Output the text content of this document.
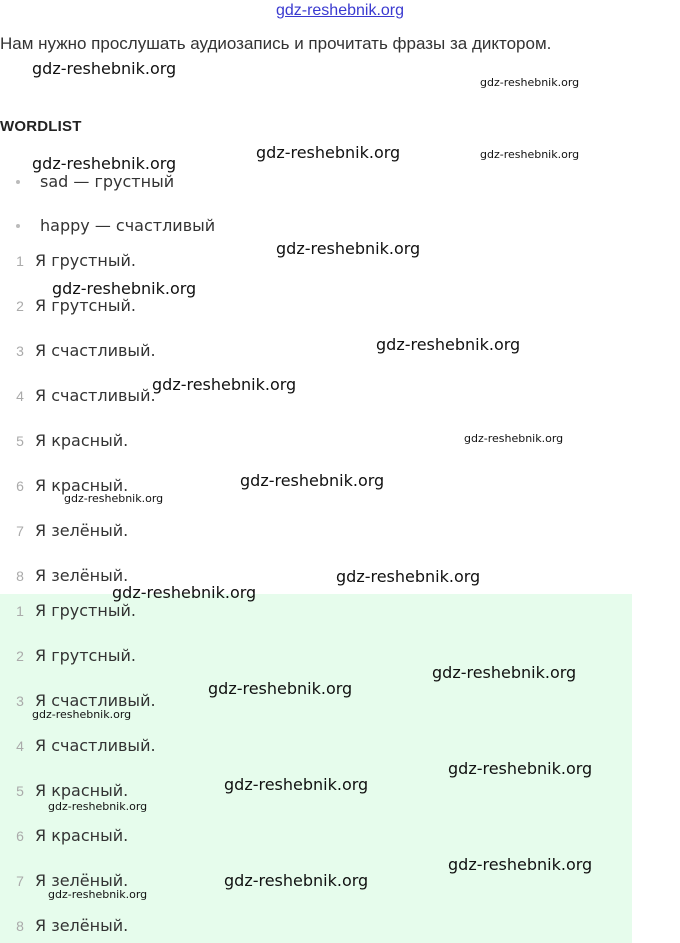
gdz-reshebnik.org
Нам нужно прослушать аудиозапись и прочитать фразы за диктором.
WORDLIST
sad — грустный
happy — счастливый
1 Я грустный.
2 Я грутсный.
3 Я счастливый.
4 Я счастливый.
5 Я красный.
6 Я красный.
7 Я зелёный.
8 Я зелёный.
1 Я грустный.
2 Я грутсный.
3 Я счастливый.
4 Я счастливый.
5 Я красный.
6 Я красный.
7 Я зелёный.
8 Я зелёный.
gdz-reshebnik.org
gdz-reshebnik.org
gdz-reshebnik.org
gdz-reshebnik.org	gdz-reshebnik.org
gdz-reshebnik.org
gdz-reshebnik.org
gdz-reshebnik.org
gdz-reshebnik.org
gdz-reshebnik.org
gdz-reshebnik.org
gdz-reshebnik.org
gdz-reshebnik.org
gdz-reshebnik.org
gdz-reshebnik.org
gdz-reshebnik.org
gdz-reshebnik.org
gdz-reshebnik.org
gdz-reshebnik.org
gdz-reshebnik.org
gdz-reshebnik.org
gdz-reshebnik.org
gdz-reshebnik.org
